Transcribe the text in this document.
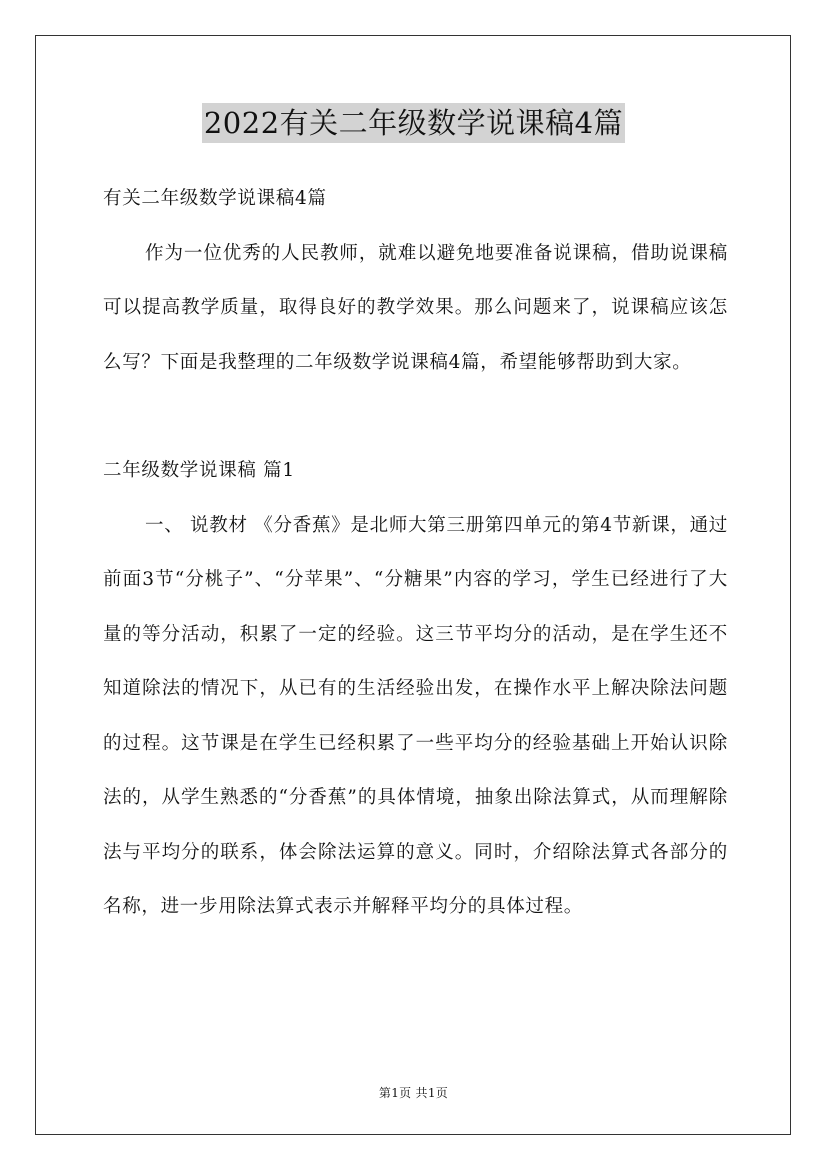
2022有关二年级数学说课稿4篇

有关二年级数学说课稿4篇

作为一位优秀的人民教师，就难以避免地要准备说课稿，借助说课稿可以提高教学质量，取得良好的教学效果。那么问题来了，说课稿应该怎么写？下面是我整理的二年级数学说课稿4篇，希望能够帮助到大家。

二年级数学说课稿 篇1

一、 说教材 《分香蕉》是北师大第三册第四单元的第4节新课，通过前面3节“分桃子”、“分苹果”、“分糖果”内容的学习，学生已经进行了大量的等分活动，积累了一定的经验。这三节平均分的活动，是在学生还不知道除法的情况下，从已有的生活经验出发，在操作水平上解决除法问题的过程。这节课是在学生已经积累了一些平均分的经验基础上开始认识除法的，从学生熟悉的“分香蕉”的具体情境，抽象出除法算式，从而理解除法与平均分的联系，体会除法运算的意义。同时，介绍除法算式各部分的名称，进一步用除法算式表示并解释平均分的具体过程。

第1页 共1页
